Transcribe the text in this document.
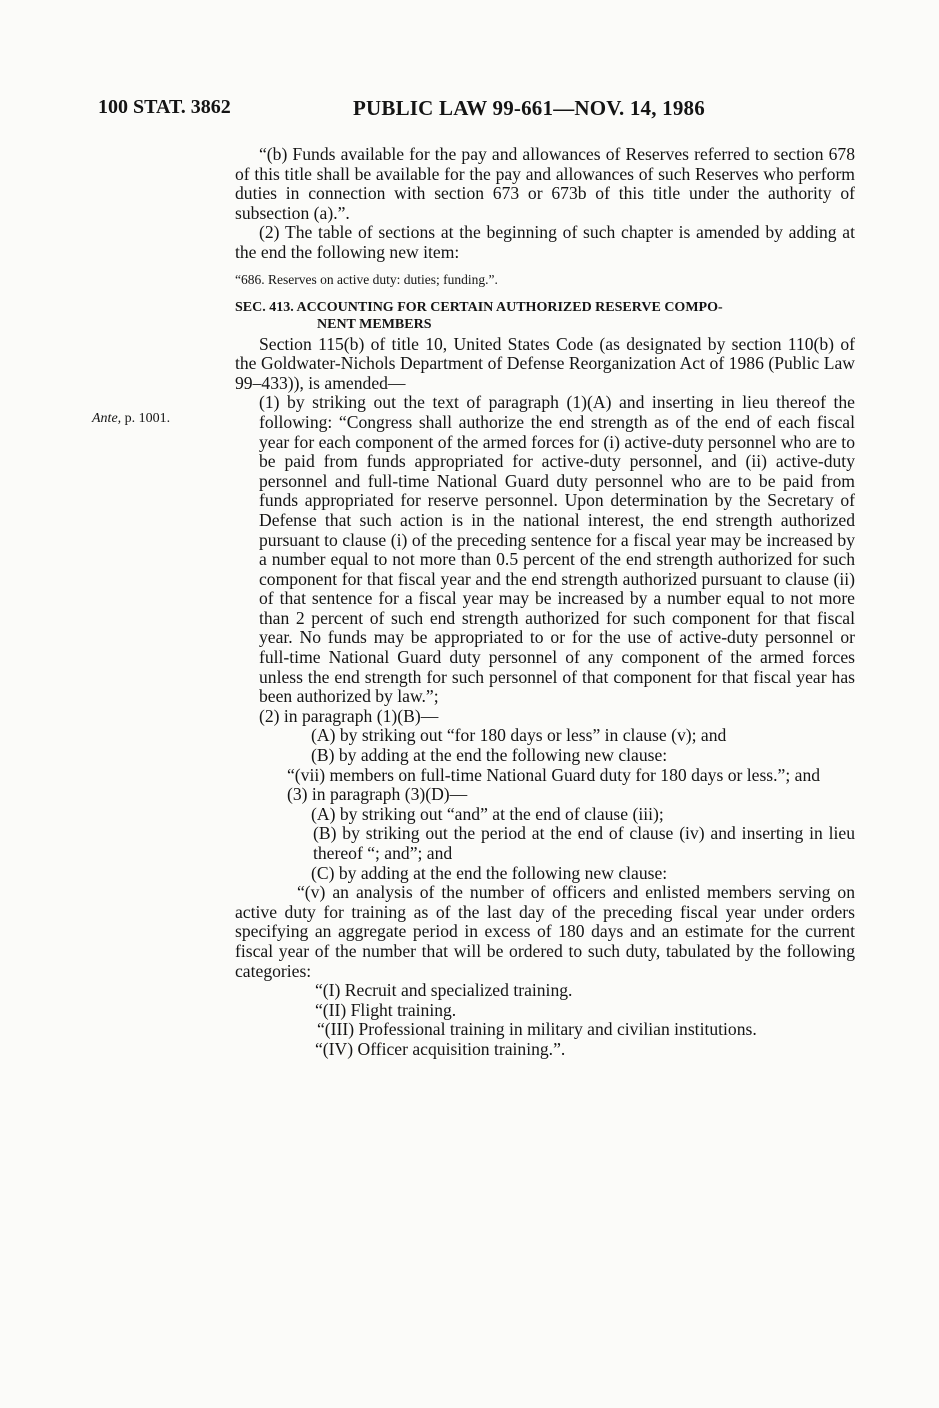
100 STAT. 3862	PUBLIC LAW 99-661—NOV. 14, 1986
Ante, p. 1001.

“(b) Funds available for the pay and allowances of Reserves referred to section 678 of this title shall be available for the pay and allowances of such Reserves who perform duties in connection with section 673 or 673b of this title under the authority of subsection (a).”.

(2) The table of sections at the beginning of such chapter is amended by adding at the end the following new item:

“686. Reserves on active duty: duties; funding.”.

SEC. 413. ACCOUNTING FOR CERTAIN AUTHORIZED RESERVE COMPO-
NENT MEMBERS

Section 115(b) of title 10, United States Code (as designated by section 110(b) of the Goldwater-Nichols Department of Defense Reorganization Act of 1986 (Public Law 99–433)), is amended—

(1) by striking out the text of paragraph (1)(A) and inserting in lieu thereof the following: “Congress shall authorize the end strength as of the end of each fiscal year for each component of the armed forces for (i) active-duty personnel who are to be paid from funds appropriated for active-duty personnel, and (ii) active-duty personnel and full-time National Guard duty personnel who are to be paid from funds appropriated for reserve personnel. Upon determination by the Secretary of Defense that such action is in the national interest, the end strength authorized pursuant to clause (i) of the preceding sentence for a fiscal year may be increased by a number equal to not more than 0.5 percent of the end strength authorized for such component for that fiscal year and the end strength authorized pursuant to clause (ii) of that sentence for a fiscal year may be increased by a number equal to not more than 2 percent of such end strength authorized for such component for that fiscal year. No funds may be appropriated to or for the use of active-duty personnel or full-time National Guard duty personnel of any component of the armed forces unless the end strength for such personnel of that component for that fiscal year has been authorized by law.”;

(2) in paragraph (1)(B)—

(A) by striking out “for 180 days or less” in clause (v); and

(B) by adding at the end the following new clause:

“(vii) members on full-time National Guard duty for 180 days or less.”; and

(3) in paragraph (3)(D)—

(A) by striking out “and” at the end of clause (iii);

(B) by striking out the period at the end of clause (iv) and inserting in lieu thereof “; and”; and

(C) by adding at the end the following new clause:

“(v) an analysis of the number of officers and enlisted members serving on active duty for training as of the last day of the preceding fiscal year under orders specifying an aggregate period in excess of 180 days and an estimate for the current fiscal year of the number that will be ordered to such duty, tabulated by the following categories:

“(I) Recruit and specialized training.

“(II) Flight training.

“(III) Professional training in military and civilian institutions.

“(IV) Officer acquisition training.”.
